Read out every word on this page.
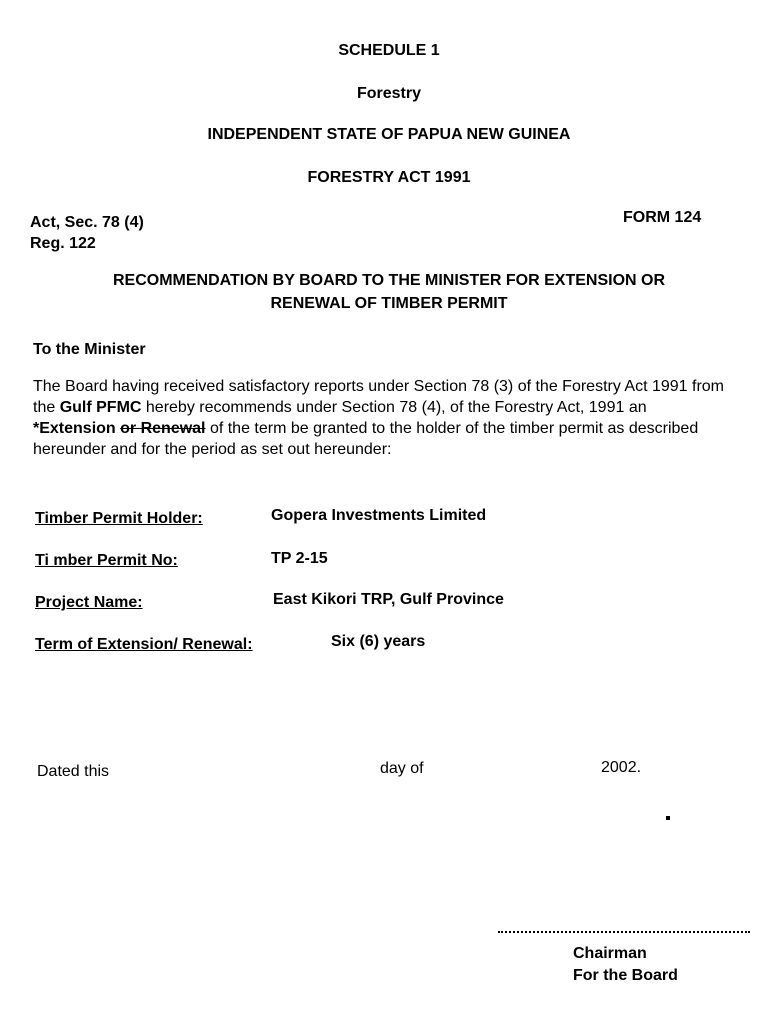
SCHEDULE 1
Forestry
INDEPENDENT STATE OF PAPUA NEW GUINEA
FORESTRY ACT 1991
Act, Sec. 78 (4)
Reg. 122
FORM 124
RECOMMENDATION BY BOARD TO THE MINISTER FOR EXTENSION OR
RENEWAL OF TIMBER PERMIT
To the Minister
The Board having received satisfactory reports under Section 78 (3) of the Forestry Act 1991 from the Gulf PFMC hereby recommends under Section 78 (4), of the Forestry Act, 1991 an *Extension or Renewal of the term be granted to the holder of the timber permit as described hereunder and for the period as set out hereunder:
Timber Permit Holder:	Gopera Investments Limited
Ti mber Permit No:	TP 2-15
Project Name:	East Kikori TRP, Gulf Province
Term of Extension/ Renewal:	Six (6) years
Dated this	day of	2002.
Chairman
For the Board
